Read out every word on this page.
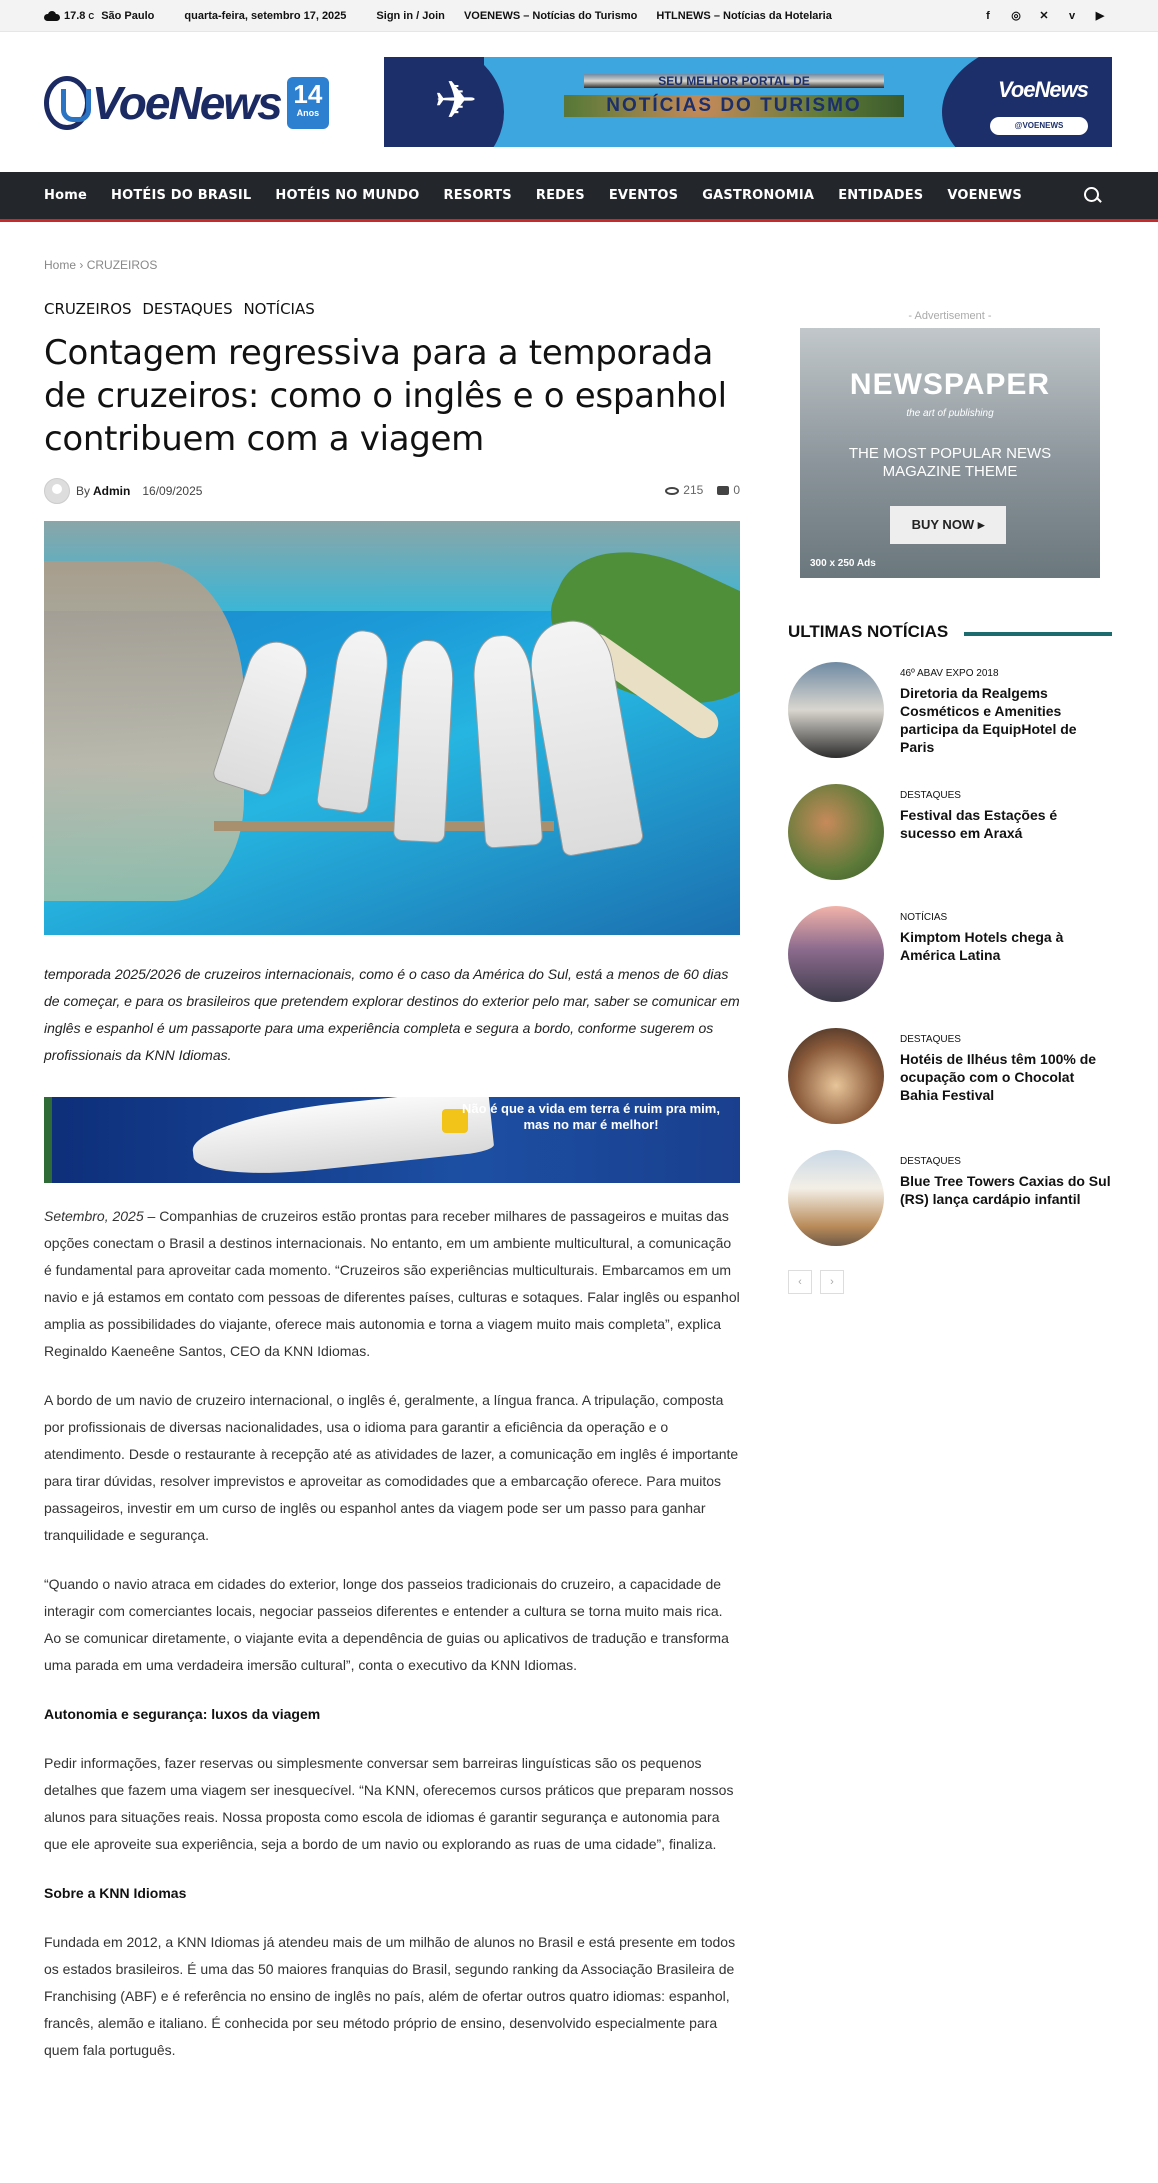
17.8 C São Paulo	quarta-feira, setembro 17, 2025	Sign in / Join VOENEWS – Notícias do Turismo HTLNEWS – Notícias da Hotelaria	f	◎ ✕ v ▶
VoeNews 14
Anos ✈	SEU MELHOR PORTAL DE
NOTÍCIAS DO TURISMO
VoeNews
@VOENEWS
Home HOTÉIS DO BRASIL HOTÉIS NO MUNDO RESORTS REDES EVENTOS GASTRONOMIA ENTIDADES VOENEWS
Home › CRUZEIROS
CRUZEIROS DESTAQUES NOTÍCIAS
Contagem regressiva para a temporada de cruzeiros: como o inglês e o espanhol contribuem com a viagem
By Admin 16/09/2025	215	0

temporada 2025/2026 de cruzeiros internacionais, como é o caso da América do Sul, está a menos de 60 dias de começar, e para os brasileiros que pretendem explorar destinos do exterior pelo mar, saber se comunicar em inglês e espanhol é um passaporte para uma experiência completa e segura a bordo, conforme sugerem os profissionais da KNN Idiomas.

Não é que a vida em terra é ruim pra mim,
mas no mar é melhor!

Setembro, 2025 – Companhias de cruzeiros estão prontas para receber milhares de passageiros e muitas das opções conectam o Brasil a destinos internacionais. No entanto, em um ambiente multicultural, a comunicação é fundamental para aproveitar cada momento. “Cruzeiros são experiências multiculturais. Embarcamos em um navio e já estamos em contato com pessoas de diferentes países, culturas e sotaques. Falar inglês ou espanhol amplia as possibilidades do viajante, oferece mais autonomia e torna a viagem muito mais completa”, explica Reginaldo Kaeneêne Santos, CEO da KNN Idiomas.

A bordo de um navio de cruzeiro internacional, o inglês é, geralmente, a língua franca. A tripulação, composta por profissionais de diversas nacionalidades, usa o idioma para garantir a eficiência da operação e o atendimento. Desde o restaurante à recepção até as atividades de lazer, a comunicação em inglês é importante para tirar dúvidas, resolver imprevistos e aproveitar as comodidades que a embarcação oferece. Para muitos passageiros, investir em um curso de inglês ou espanhol antes da viagem pode ser um passo para ganhar tranquilidade e segurança.

“Quando o navio atraca em cidades do exterior, longe dos passeios tradicionais do cruzeiro, a capacidade de interagir com comerciantes locais, negociar passeios diferentes e entender a cultura se torna muito mais rica. Ao se comunicar diretamente, o viajante evita a dependência de guias ou aplicativos de tradução e transforma uma parada em uma verdadeira imersão cultural”, conta o executivo da KNN Idiomas.

Autonomia e segurança: luxos da viagem

Pedir informações, fazer reservas ou simplesmente conversar sem barreiras linguísticas são os pequenos detalhes que fazem uma viagem ser inesquecível. “Na KNN, oferecemos cursos práticos que preparam nossos alunos para situações reais. Nossa proposta como escola de idiomas é garantir segurança e autonomia para que ele aproveite sua experiência, seja a bordo de um navio ou explorando as ruas de uma cidade”, finaliza.

Sobre a KNN Idiomas

Fundada em 2012, a KNN Idiomas já atendeu mais de um milhão de alunos no Brasil e está presente em todos os estados brasileiros. É uma das 50 maiores franquias do Brasil, segundo ranking da Associação Brasileira de Franchising (ABF) e é referência no ensino de inglês no país, além de ofertar outros quatro idiomas: espanhol, francês, alemão e italiano. É conhecida por seu método próprio de ensino, desenvolvido especialmente para quem fala português.

- Advertisement -
NEWSPAPER
the art of publishing
THE MOST POPULAR NEWS
MAGAZINE THEME
BUY NOW ▸
300 x 250 Ads
ULTIMAS NOTÍCIAS
46º ABAV EXPO 2018
Diretoria da Realgems Cosméticos e Amenities participa da EquipHotel de Paris
DESTAQUES
Festival das Estações é sucesso em Araxá
NOTÍCIAS
Kimptom Hotels chega à América Latina
DESTAQUES
Hotéis de Ilhéus têm 100% de ocupação com o Chocolat Bahia Festival
DESTAQUES
Blue Tree Towers Caxias do Sul (RS) lança cardápio infantil
‹	›
